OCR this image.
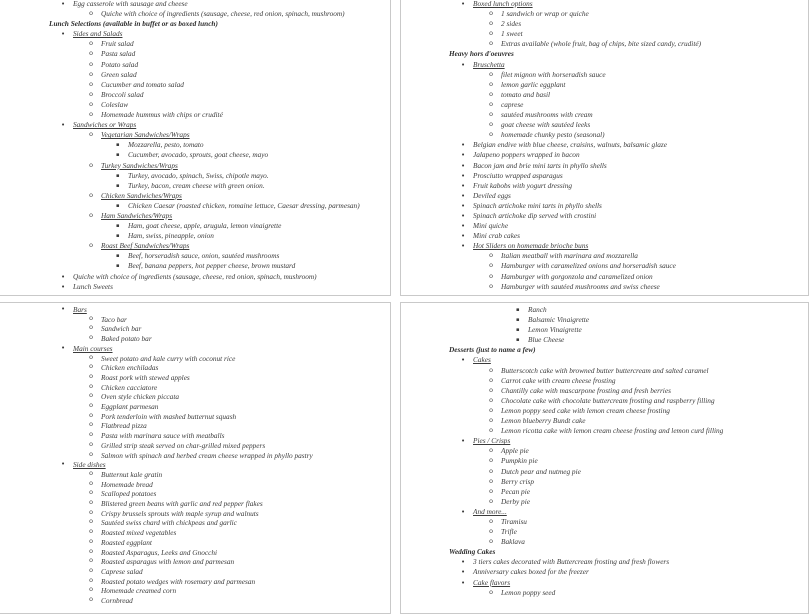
• Egg casserole with sausage and cheese
o Quiche with choice of ingredients (sausage, cheese, red onion, spinach, mushroom)
Lunch Selections (available in buffet or as boxed lunch)
• Sides and Salads
o Fruit salad
o Pasta salad
o Potato salad
o Green salad
o Cucumber and tomato salad
o Broccoli salad
o Coleslaw
o Homemade hummus with chips or crudité
• Sandwiches or Wraps
o Vegetarian Sandwiches/Wraps
▪ Mozzarella, pesto, tomato
▪ Cucumber, avocado, sprouts, goat cheese, mayo
o Turkey Sandwiches/Wraps
▪ Turkey, avocado, spinach, Swiss, chipotle mayo.
▪ Turkey, bacon, cream cheese with green onion.
o Chicken Sandwiches/Wraps
▪ Chicken Caesar (roasted chicken, romaine lettuce, Caesar dressing, parmesan)
o Ham Sandwiches/Wraps
▪ Ham, goat cheese, apple, arugula, lemon vinaigrette
▪ Ham, swiss, pineapple, onion
o Roast Beef Sandwiches/Wraps
▪ Beef, horseradish sauce, onion, sautéed mushrooms
▪ Beef, banana peppers, hot pepper cheese, brown mustard
• Quiche with choice of ingredients (sausage, cheese, red onion, spinach, mushroom)
• Lunch Sweets
• Boxed lunch options
o 1 sandwich or wrap or quiche
o 2 sides
o 1 sweet
o Extras available (whole fruit, bag of chips, bite sized candy, crudité)
Heavy hors d'oeuvres
• Bruschetta
o filet mignon with horseradish sauce
o lemon garlic eggplant
o tomato and basil
o caprese
o sautéed mushrooms with cream
o goat cheese with sautéed leeks
o homemade chunky pesto (seasonal)
• Belgian endive with blue cheese, craisins, walnuts, balsamic glaze
• Jalapeno poppers wrapped in bacon
• Bacon jam and brie mini tarts in phyllo shells
• Prosciutto wrapped asparagus
• Fruit kabobs with yogurt dressing
• Deviled eggs
• Spinach artichoke mini tarts in phyllo shells
• Spinach artichoke dip served with crostini
• Mini quiche
• Mini crab cakes
• Hot Sliders on homemade brioche buns
o Italian meatball with marinara and mozzarella
o Hamburger with caramelized onions and horseradish sauce
o Hamburger with gorgonzola and caramelized onion
o Hamburger with sautéed mushrooms and swiss cheese
• Bars
o Taco bar
o Sandwich bar
o Baked potato bar
• Main courses
o Sweet potato and kale curry with coconut rice
o Chicken enchiladas
o Roast pork with stewed apples
o Chicken cacciatore
o Oven style chicken piccata
o Eggplant parmesan
o Pork tenderloin with mashed butternut squash
o Flatbread pizza
o Pasta with marinara sauce with meatballs
o Grilled strip steak served on char-grilled mixed peppers
o Salmon with spinach and herbed cream cheese wrapped in phyllo pastry
• Side dishes
o Butternut kale gratin
o Homemade bread
o Scalloped potatoes
o Blistered green beans with garlic and red pepper flakes
o Crispy brussels sprouts with maple syrup and walnuts
o Sautéed swiss chard with chickpeas and garlic
o Roasted mixed vegetables
o Roasted eggplant
o Roasted Asparagus, Leeks and Gnocchi
o Roasted asparagus with lemon and parmesan
o Caprese salad
o Roasted potato wedges with rosemary and parmesan
o Homemade creamed corn
o Cornbread
▪ Ranch
▪ Balsamic Vinaigrette
▪ Lemon Vinaigrette
▪ Blue Cheese
Desserts (just to name a few)
• Cakes
o Butterscotch cake with browned butter buttercream and salted caramel
o Carrot cake with cream cheese frosting
o Chantilly cake with mascarpone frosting and fresh berries
o Chocolate cake with chocolate buttercream frosting and raspberry filling
o Lemon poppy seed cake with lemon cream cheese frosting
o Lemon blueberry Bundt cake
o Lemon ricotta cake with lemon cream cheese frosting and lemon curd filling
• Pies / Crisps
o Apple pie
o Pumpkin pie
o Dutch pear and nutmeg pie
o Berry crisp
o Pecan pie
o Derby pie
• And more...
o Tiramisu
o Trifle
o Baklava
Wedding Cakes
• 3 tiers cakes decorated with Buttercream frosting and fresh flowers
• Anniversary cakes boxed for the freezer
• Cake flavors
o Lemon poppy seed
